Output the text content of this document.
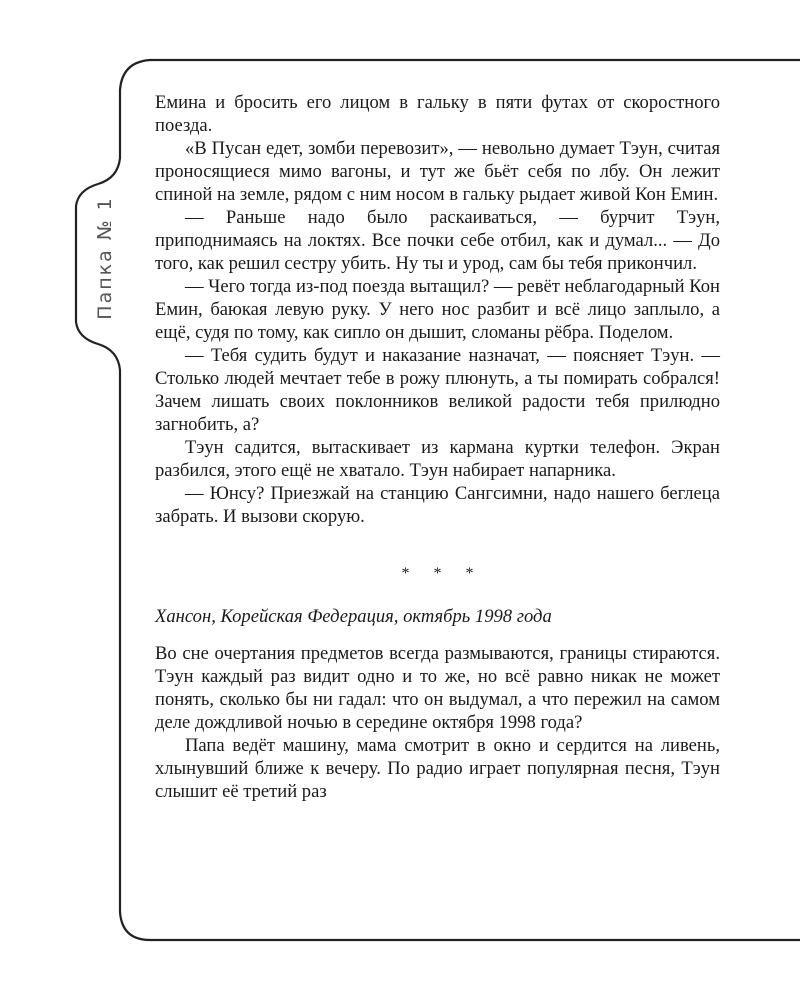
Папка № 1

Емина и бросить его лицом в гальку в пяти футах от скоростного поезда.

«В Пусан едет, зомби перевозит», — невольно думает Тэун, считая проносящиеся мимо вагоны, и тут же бьёт себя по лбу. Он лежит спиной на земле, рядом с ним носом в гальку рыдает живой Кон Емин.

— Раньше надо было раскаиваться, — бурчит Тэун, приподнимаясь на локтях. Все почки себе отбил, как и думал... — До того, как решил сестру убить. Ну ты и урод, сам бы тебя прикончил.

— Чего тогда из-под поезда вытащил? — ревёт неблагодарный Кон Емин, баюкая левую руку. У него нос разбит и всё лицо заплыло, а ещё, судя по тому, как сипло он дышит, сломаны рёбра. Поделом.

— Тебя судить будут и наказание назначат, — поясняет Тэун. — Столько людей мечтает тебе в рожу плюнуть, а ты помирать собрался! Зачем лишать своих поклонников великой радости тебя прилюдно загнобить, а?

Тэун садится, вытаскивает из кармана куртки телефон. Экран разбился, этого ещё не хватало. Тэун набирает напарника.

— Юнсу? Приезжай на станцию Сангсимни, надо нашего беглеца забрать. И вызови скорую.

* * *

Хансон, Корейская Федерация, октябрь 1998 года

Во сне очертания предметов всегда размываются, границы стираются. Тэун каждый раз видит одно и то же, но всё равно никак не может понять, сколько бы ни гадал: что он выдумал, а что пережил на самом деле дождливой ночью в середине октября 1998 года?

Папа ведёт машину, мама смотрит в окно и сердится на ливень, хлынувший ближе к вечеру. По радио играет популярная песня, Тэун слышит её третий раз
